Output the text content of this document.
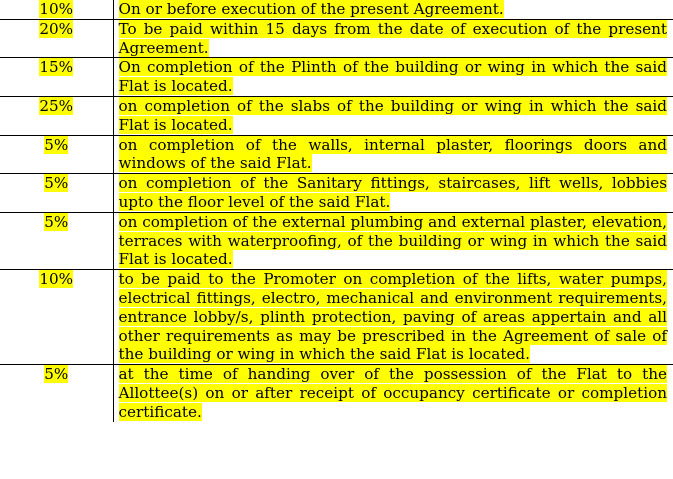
10%	On or before execution of the present Agreement.
20%	To be paid within 15 days from the date of execution of the present Agreement.
15%	On completion of the Plinth of the building or wing in which the said Flat is located.
25%	on completion of the slabs of the building or wing in which the said Flat is located.
5%	on completion of the walls, internal plaster, floorings doors and windows of the said Flat.
5%	on completion of the Sanitary fittings, staircases, lift wells, lobbies upto the floor level of the said Flat.
5%	on completion of the external plumbing and external plaster, elevation, terraces with waterproofing, of the building or wing in which the said Flat is located.
10%	to be paid to the Promoter on completion of the lifts, water pumps, electrical fittings, electro, mechanical and environment requirements, entrance lobby/s, plinth protection, paving of areas appertain and all other requirements as may be prescribed in the Agreement of sale of the building or wing in which the said Flat is located.
5%	at the time of handing over of the possession of the Flat to the Allottee(s) on or after receipt of occupancy certificate or completion certificate.
